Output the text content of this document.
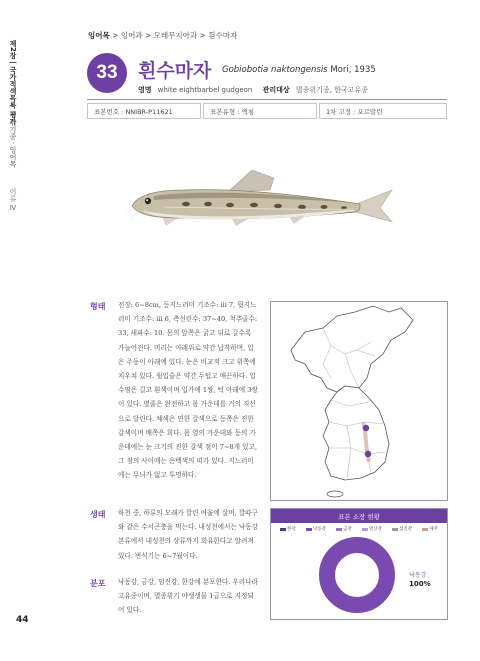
제2장 | 국가적색목록 평가
1 위기종 · 잉어목
어류 Ⅳ
44
잉어목 > 잉어과 > 모래무지아과 > 흰수마자
33	흰수마자 Gobiobotia naktongensis Mori, 1935
영명 white eightbarbel gudgeon 관리대상 멸종위기종, 한국고유종
표본번호 : NNIBR-P11621	표본유형 : 액침	1차 고정 : 포르말린
형태 전장: 6~8cm, 등지느러미 기조수: iii 7, 뒷지느러미 기조수: iii 6, 측선린수: 37~40, 척추골수: 33, 새파수: 10. 몸의 앞쪽은 굵고 뒤로 갈수록 가늘어진다. 머리는 아래위로 약간 납작하며, 입은 주둥이 아래에 있다. 눈은 비교적 크고 위쪽에 치우쳐 있다. 윗입술은 약간 두텁고 매끈하다. 입수염은 길고 흰색이며 입가에 1쌍, 턱 아래에 3쌍이 있다. 옆줄은 완전하고 몸 가운데를 거의 직선으로 달린다. 체색은 연한 갈색으로 등쪽은 진한 갈색이며 배쪽은 희다. 몸 옆의 가운데와 등의 가운데에는 눈 크기의 진한 갈색 점이 7~8개 있고, 그 점의 사이에는 은백색의 띠가 있다. 지느러미에는 무늬가 없고 투명하다.
생태 하천 중, 하류의 모래가 깔린 여울에 살며, 깔따구와 같은 수서곤충을 먹는다. 내성천에서는 낙동강 본류에서 내성천의 상류까지 회유한다고 알려져 있다. 번식기는 6~7월이다.
분포 낙동강, 금강, 임진강, 한강에 분포한다. 우리나라 고유종이며, 멸종위기 야생생물 1급으로 지정되어 있다.
표본 소장 현황
한강	낙동강	금강	영산강	섬진강	제주
낙동강
100%
